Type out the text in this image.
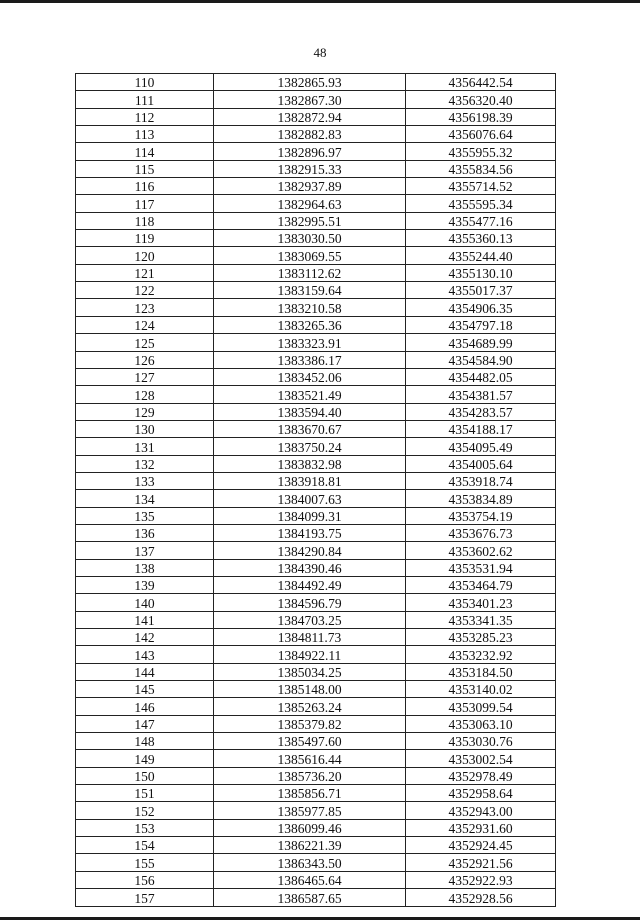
48
110	1382865.93	4356442.54
111	1382867.30	4356320.40
112	1382872.94	4356198.39
113	1382882.83	4356076.64
114	1382896.97	4355955.32
115	1382915.33	4355834.56
116	1382937.89	4355714.52
117	1382964.63	4355595.34
118	1382995.51	4355477.16
119	1383030.50	4355360.13
120	1383069.55	4355244.40
121	1383112.62	4355130.10
122	1383159.64	4355017.37
123	1383210.58	4354906.35
124	1383265.36	4354797.18
125	1383323.91	4354689.99
126	1383386.17	4354584.90
127	1383452.06	4354482.05
128	1383521.49	4354381.57
129	1383594.40	4354283.57
130	1383670.67	4354188.17
131	1383750.24	4354095.49
132	1383832.98	4354005.64
133	1383918.81	4353918.74
134	1384007.63	4353834.89
135	1384099.31	4353754.19
136	1384193.75	4353676.73
137	1384290.84	4353602.62
138	1384390.46	4353531.94
139	1384492.49	4353464.79
140	1384596.79	4353401.23
141	1384703.25	4353341.35
142	1384811.73	4353285.23
143	1384922.11	4353232.92
144	1385034.25	4353184.50
145	1385148.00	4353140.02
146	1385263.24	4353099.54
147	1385379.82	4353063.10
148	1385497.60	4353030.76
149	1385616.44	4353002.54
150	1385736.20	4352978.49
151	1385856.71	4352958.64
152	1385977.85	4352943.00
153	1386099.46	4352931.60
154	1386221.39	4352924.45
155	1386343.50	4352921.56
156	1386465.64	4352922.93
157	1386587.65	4352928.56
